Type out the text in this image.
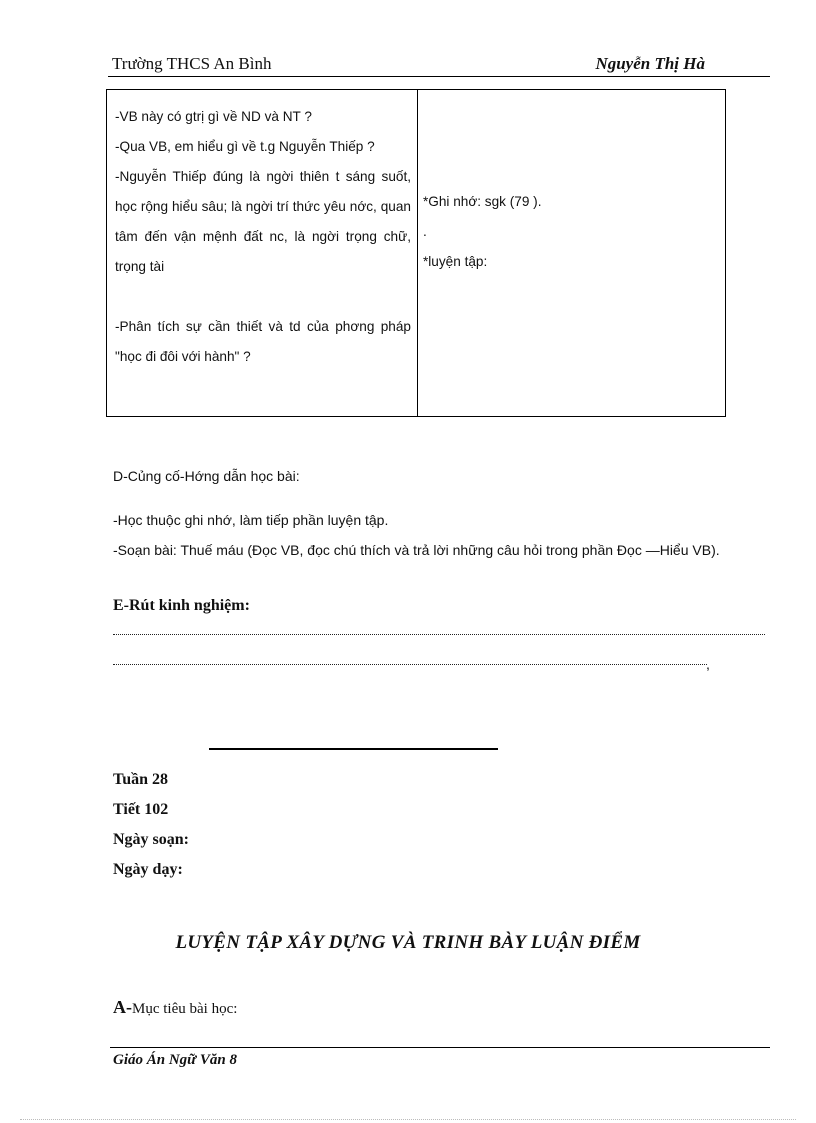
Trường THCS An Bình	Nguyễn Thị Hà

-VB này có gtrị gì về ND và NT ?

-Qua VB, em hiểu gì về t.g Nguyễn Thiếp ?

-Nguyễn Thiếp đúng là ngời thiên t sáng suốt, học rộng hiểu sâu; là ngời trí thức yêu nớc, quan tâm đến vận mệnh đất nc, là ngời trọng chữ, trọng tài

-Phân tích sự cần thiết và td của phơng pháp "học đi đôi với hành" ?

*Ghi nhớ: sgk (79 ).

.

*luyện tập:

D-Củng cố-Hớng dẫn học bài:

-Học thuộc ghi nhớ, làm tiếp phần luyện tập.

-Soạn bài: Thuế máu (Đọc VB, đọc chú thích và trả lời những câu hỏi trong phần Đọc —Hiểu VB).

E-Rút kinh nghiệm:
,
Tuần 28
Tiết 102
Ngày soạn:
Ngày dạy:
LUYỆN TẬP XÂY DỰNG VÀ TRINH BÀY LUẬN ĐIỂM
A-Mục tiêu bài học:
Giáo Án Ngữ Văn 8
